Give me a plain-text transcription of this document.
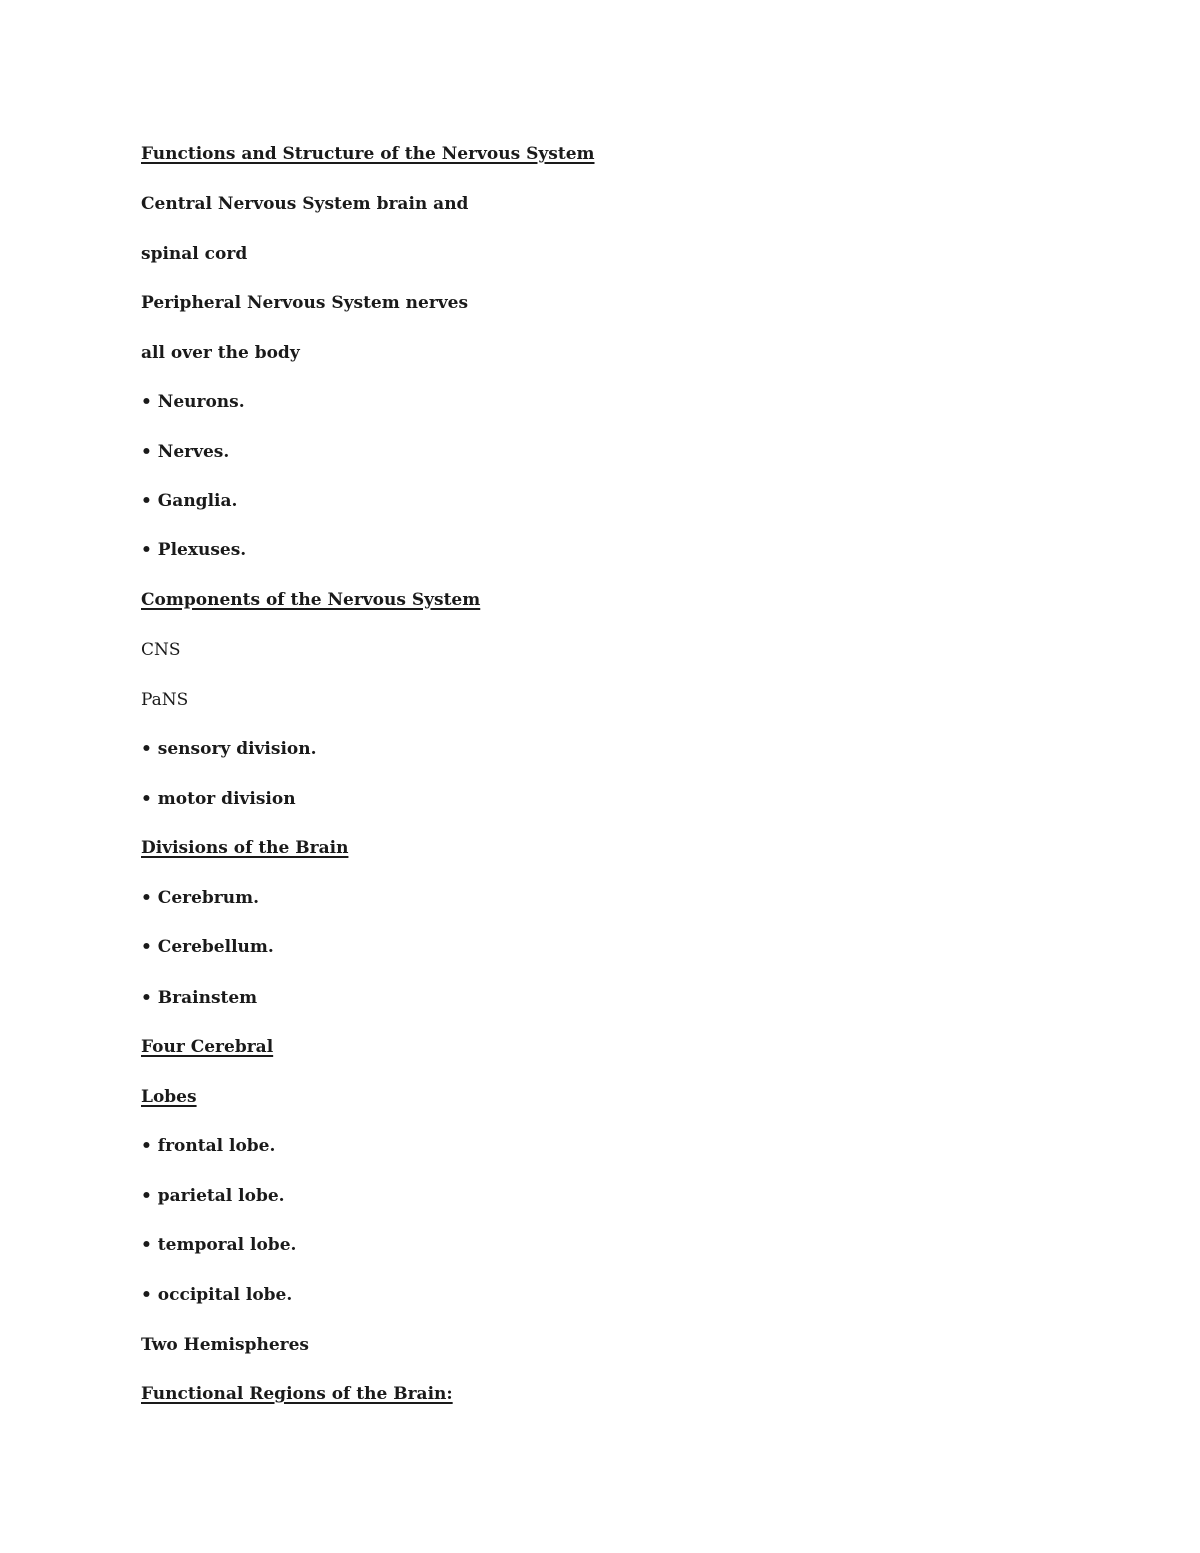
Functions and Structure of the Nervous System
Central Nervous System brain and
spinal cord
Peripheral Nervous System nerves
all over the body
• Neurons.
• Nerves.
• Ganglia.
• Plexuses.
Components of the Nervous System
CNS
PaNS
• sensory division.
• motor division
Divisions of the Brain
• Cerebrum.
• Cerebellum.
• Brainstem
Four Cerebral
Lobes
• frontal lobe.
• parietal lobe.
• temporal lobe.
• occipital lobe.
Two Hemispheres
Functional Regions of the Brain:
